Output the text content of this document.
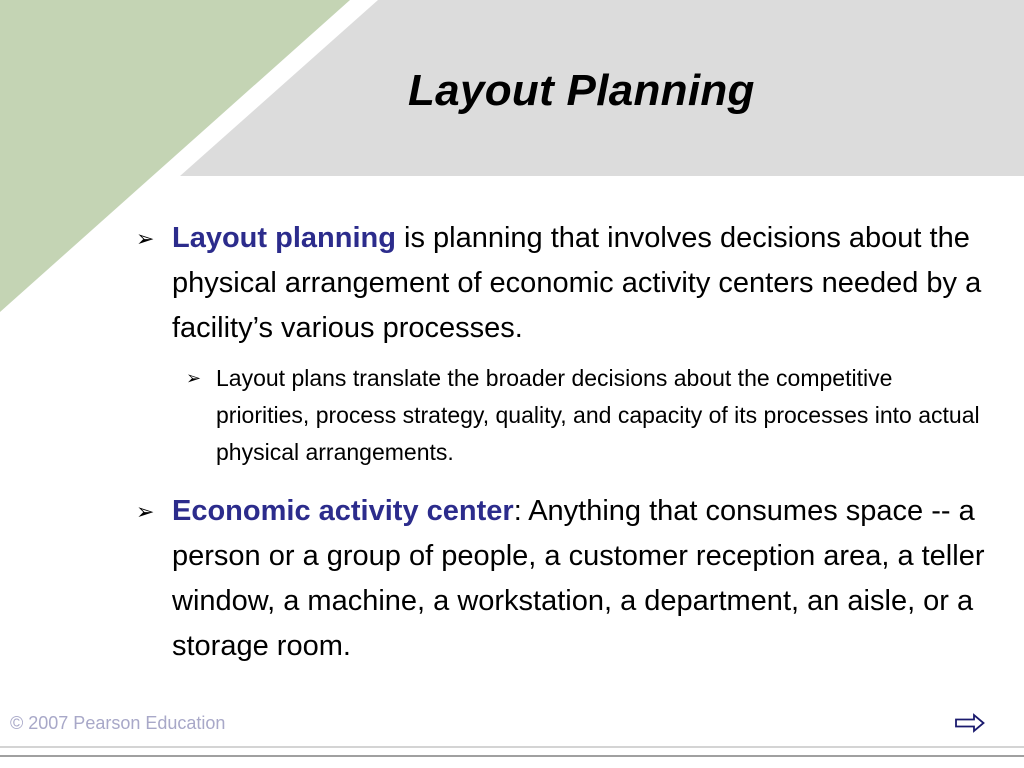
Layout Planning
➢ Layout planning is planning that involves decisions about the physical arrangement of economic activity centers needed by a facility’s various processes.
➢ Layout plans translate the broader decisions about the competitive priorities, process strategy, quality, and capacity of its processes into actual physical arrangements.
➢ Economic activity center: Anything that consumes space -- a person or a group of people, a customer reception area, a teller window, a machine, a workstation, a department, an aisle, or a storage room.
© 2007 Pearson Education
